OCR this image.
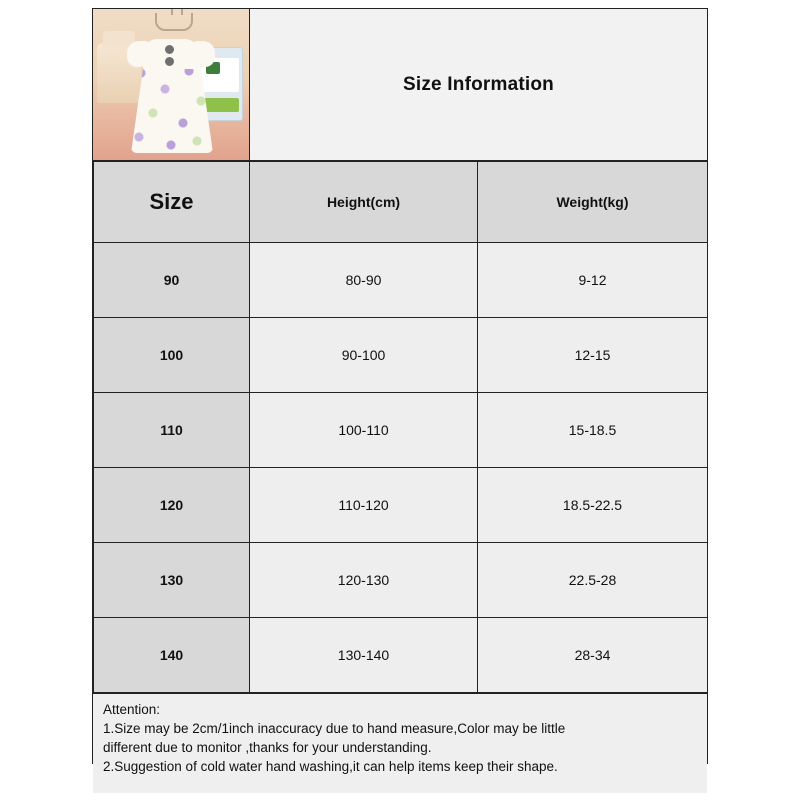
Size Information
Size	Height(cm)	Weight(kg)
90	80-90	9-12
100	90-100	12-15
110	100-110	15-18.5
120	110-120	18.5-22.5
130	120-130	22.5-28
140	130-140	28-34
Attention:
1.Size may be 2cm/1inch inaccuracy due to hand measure,Color may be little
different due to monitor ,thanks for your understanding.
2.Suggestion of cold water hand washing,it can help items keep their shape.
